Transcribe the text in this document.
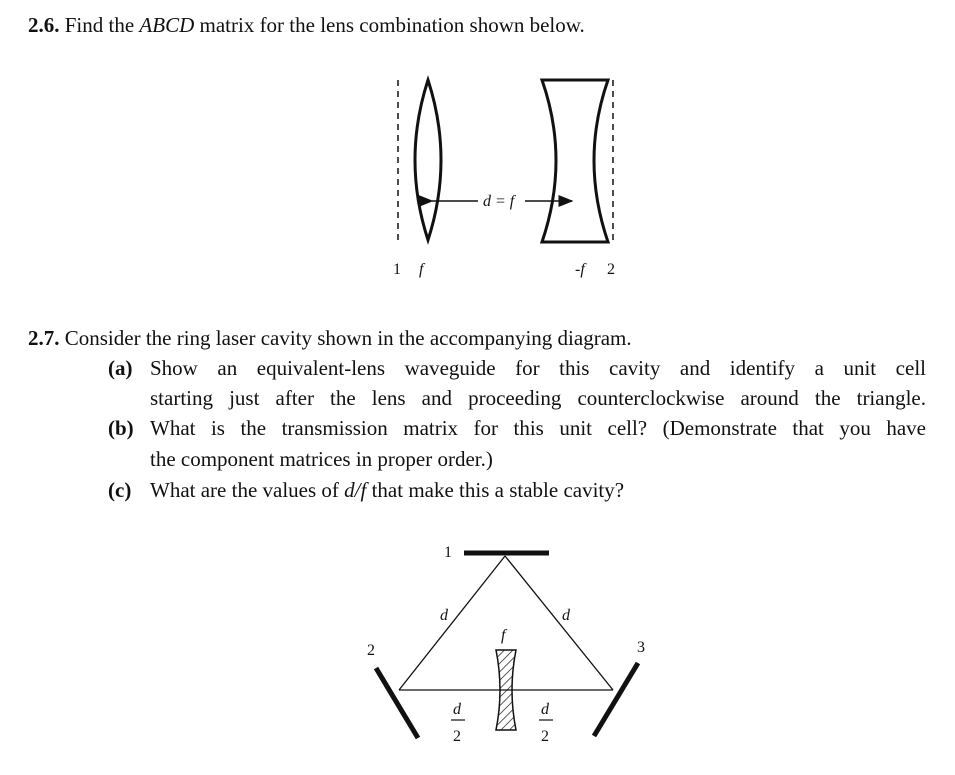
2.6. Find the ABCD matrix for the lens combination shown below.
d = f
1 f	-f 2
2.7. Consider the ring laser cavity shown in the accompanying diagram.
(a) Show an equivalent-lens waveguide for this cavity and identify a unit cell
starting just after the lens and proceeding counterclockwise around the triangle.
(b) What is the transmission matrix for this unit cell? (Demonstrate that you have
the component matrices in proper order.)
(c) What are the values of d/f that make this a stable cavity?
1
2	3
d	d
f
d
2
d
2
